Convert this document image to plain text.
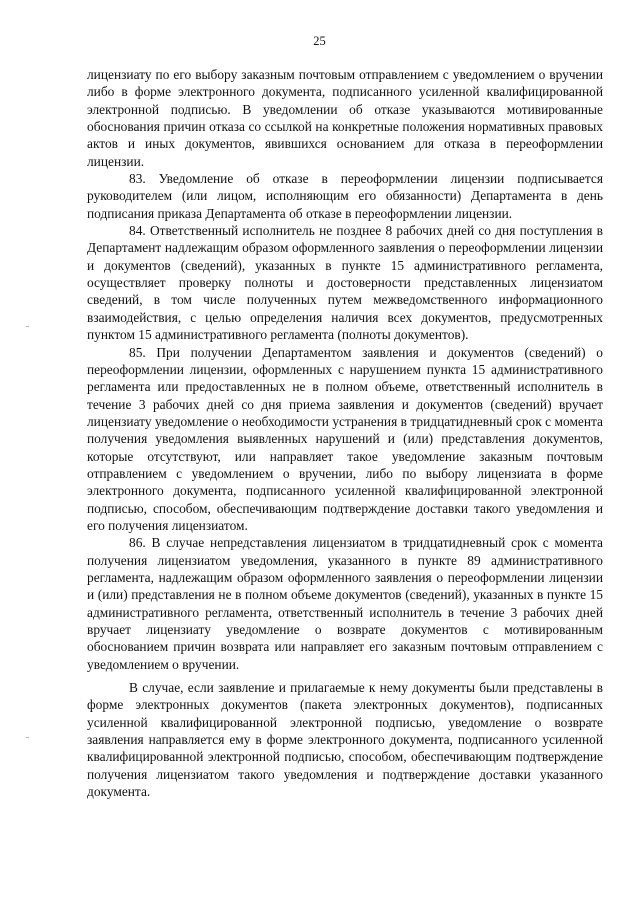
25

лицензиату по его выбору заказным почтовым отправлением с уведомлением о вручении либо в форме электронного документа, подписанного усиленной квалифицированной электронной подписью. В уведомлении об отказе указываются мотивированные обоснования причин отказа со ссылкой на конкретные положения нормативных правовых актов и иных документов, явившихся основанием для отказа в переоформлении лицензии.

83. Уведомление об отказе в переоформлении лицензии подписывается руководителем (или лицом, исполняющим его обязанности) Департамента в день подписания приказа Департамента об отказе в переоформлении лицензии.

84. Ответственный исполнитель не позднее 8 рабочих дней со дня поступления в Департамент надлежащим образом оформленного заявления о переоформлении лицензии и документов (сведений), указанных в пункте 15 административного регламента, осуществляет проверку полноты и достоверности представленных лицензиатом сведений, в том числе полученных путем межведомственного информационного взаимодействия, с целью определения наличия всех документов, предусмотренных пунктом 15 административного регламента (полноты документов).

85. При получении Департаментом заявления и документов (сведений) о переоформлении лицензии, оформленных с нарушением пункта 15 административного регламента или предоставленных не в полном объеме, ответственный исполнитель в течение 3 рабочих дней со дня приема заявления и документов (сведений) вручает лицензиату уведомление о необходимости устранения в тридцатидневный срок с момента получения уведомления выявленных нарушений и (или) представления документов, которые отсутствуют, или направляет такое уведомление заказным почтовым отправлением с уведомлением о вручении, либо по выбору лицензиата в форме электронного документа, подписанного усиленной квалифицированной электронной подписью, способом, обеспечивающим подтверждение доставки такого уведомления и его получения лицензиатом.

86. В случае непредставления лицензиатом в тридцатидневный срок с момента получения лицензиатом уведомления, указанного в пункте 89 административного регламента, надлежащим образом оформленного заявления о переоформлении лицензии и (или) представления не в полном объеме документов (сведений), указанных в пункте 15 административного регламента, ответственный исполнитель в течение 3 рабочих дней вручает лицензиату уведомление о возврате документов с мотивированным обоснованием причин возврата или направляет его заказным почтовым отправлением с уведомлением о вручении.

В случае, если заявление и прилагаемые к нему документы были представлены в форме электронных документов (пакета электронных документов), подписанных усиленной квалифицированной электронной подписью, уведомление о возврате заявления направляется ему в форме электронного документа, подписанного усиленной квалифицированной электронной подписью, способом, обеспечивающим подтверждение получения лицензиатом такого уведомления и подтверждение доставки указанного документа.
